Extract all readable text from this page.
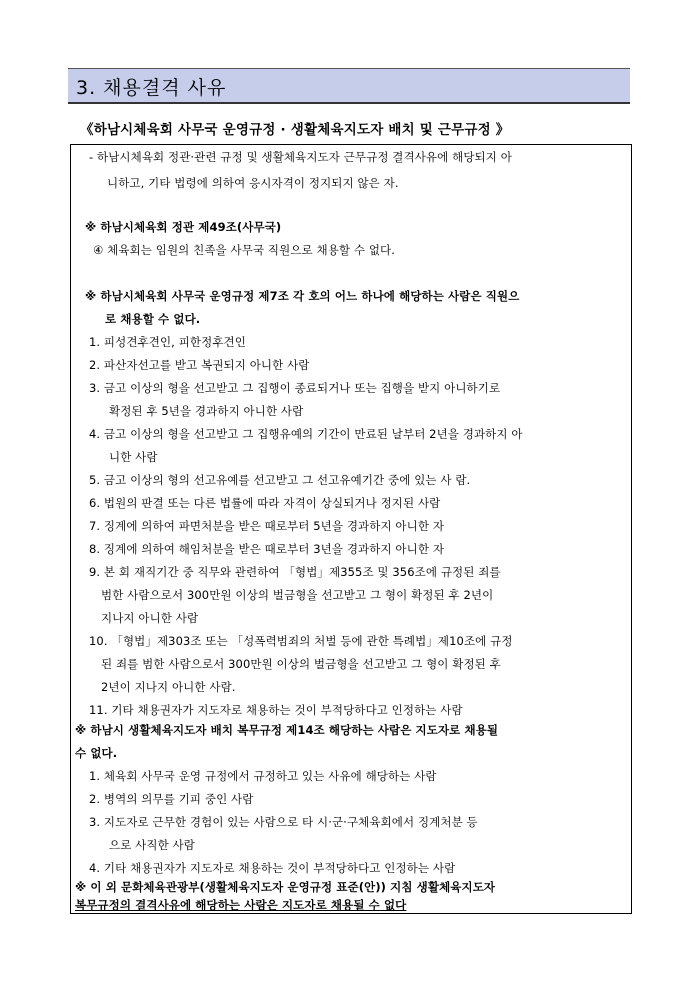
3. 채용결격 사유
《하남시체육회 사무국 운영규정 · 생활체육지도자 배치 및 근무규정 》
- 하남시체육회 정관·관련 규정 및 생활체육지도자 근무규정 결격사유에 해당되지 아
니하고, 기타 법령에 의하여 응시자격이 정지되지 않은 자.
※ 하남시체육회 정관 제49조(사무국)
④ 체육회는 임원의 친족을 사무국 직원으로 채용할 수 없다.
※ 하남시체육회 사무국 운영규정 제7조 각 호의 어느 하나에 해당하는 사람은 직원으
로 채용할 수 없다.
1. 피성견후견인, 피한정후견인
2. 파산자선고를 받고 복권되지 아니한 사람
3. 금고 이상의 형을 선고받고 그 집행이 종료되거나 또는 집행을 받지 아니하기로
확정된 후 5년을 경과하지 아니한 사람
4. 금고 이상의 형을 선고받고 그 집행유예의 기간이 만료된 날부터 2년을 경과하지 아
니한 사람
5. 금고 이상의 형의 선고유예를 선고받고 그 선고유예기간 중에 있는 사 람.
6. 법원의 판결 또는 다른 법률에 따라 자격이 상실되거나 정지된 사람
7. 징계에 의하여 파면처분을 받은 때로부터 5년을 경과하지 아니한 자
8. 징계에 의하여 해임처분을 받은 때로부터 3년을 경과하지 아니한 자
9. 본 회 재직기간 중 직무와 관련하여 「형법」제355조 및 356조에 규정된 죄를
범한 사람으로서 300만원 이상의 벌금형을 선고받고 그 형이 확정된 후 2년이
지나지 아니한 사람
10. 「형법」제303조 또는 「성폭력범죄의 처벌 등에 관한 특례법」제10조에 규정
된 죄를 범한 사람으로서 300만원 이상의 벌금형을 선고받고 그 형이 확정된 후
2년이 지나지 아니한 사람.
11. 기타 채용권자가 지도자로 채용하는 것이 부적당하다고 인정하는 사람
※ 하남시 생활체육지도자 배치 복무규정 제14조 해당하는 사람은 지도자로 채용될
수 없다.
1. 체육회 사무국 운영 규정에서 규정하고 있는 사유에 해당하는 사람
2. 병역의 의무를 기피 중인 사람
3. 지도자로 근무한 경험이 있는 사람으로 타 시·군·구체육회에서 징계처분 등
으로 사직한 사람
4. 기타 채용권자가 지도자로 채용하는 것이 부적당하다고 인정하는 사람
※ 이 외 문화체육관광부(생활체육지도자 운영규정 표준(안)) 지침 생활체육지도자
복무규정의 결격사유에 해당하는 사람은 지도자로 채용될 수 없다
